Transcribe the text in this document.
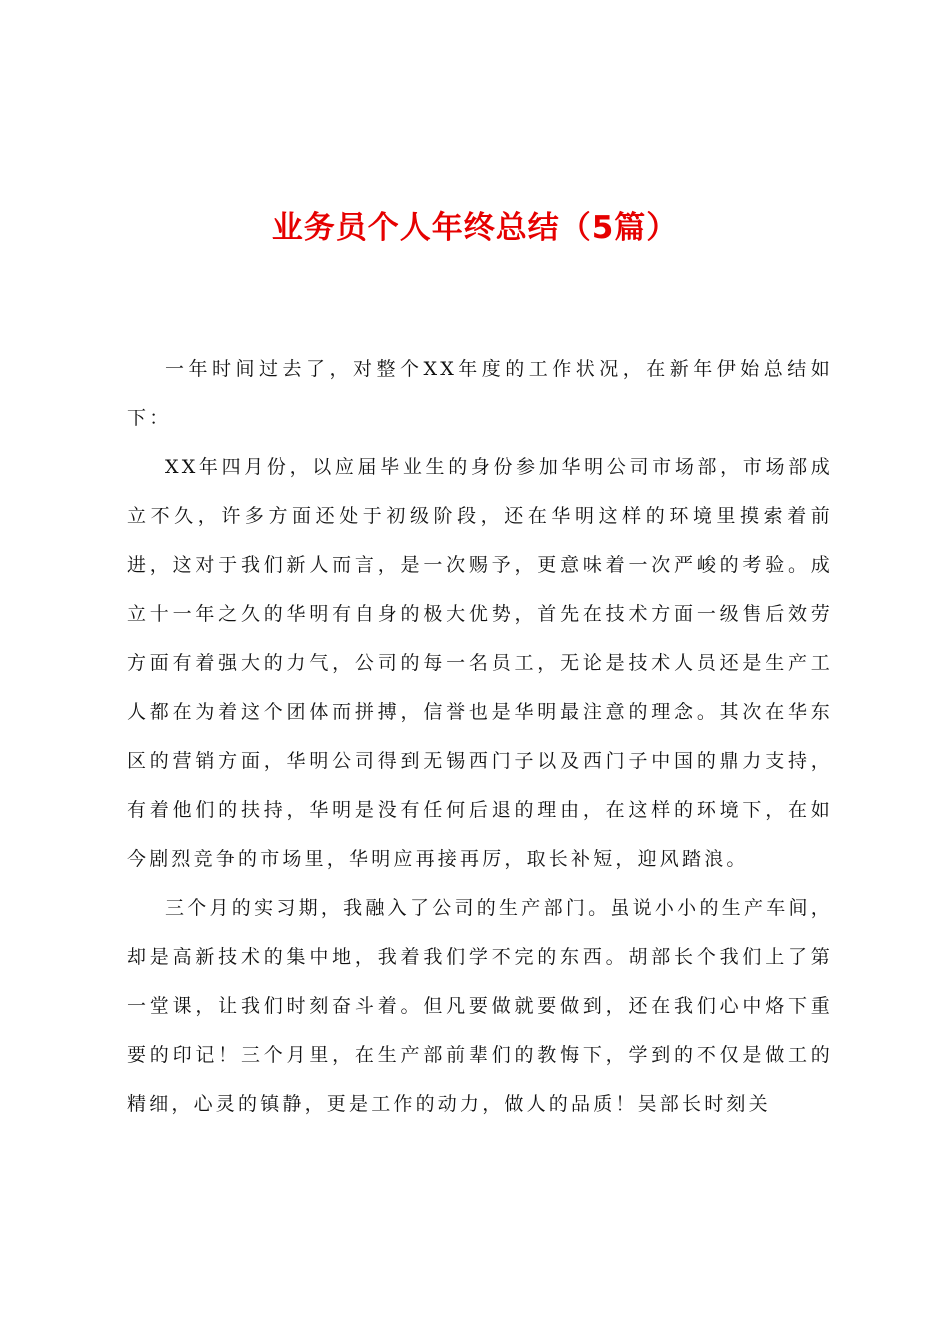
业务员个人年终总结（5篇）

一年时间过去了，对整个XX年度的工作状况，在新年伊始总结如下：

XX年四月份，以应届毕业生的身份参加华明公司市场部，市场部成立不久，许多方面还处于初级阶段，还在华明这样的环境里摸索着前进，这对于我们新人而言，是一次赐予，更意味着一次严峻的考验。成立十一年之久的华明有自身的极大优势，首先在技术方面一级售后效劳方面有着强大的力气，公司的每一名员工，无论是技术人员还是生产工人都在为着这个团体而拼搏，信誉也是华明最注意的理念。其次在华东区的营销方面，华明公司得到无锡西门子以及西门子中国的鼎力支持，有着他们的扶持，华明是没有任何后退的理由，在这样的环境下，在如今剧烈竞争的市场里，华明应再接再厉，取长补短，迎风踏浪。

三个月的实习期，我融入了公司的生产部门。虽说小小的生产车间，却是高新技术的集中地，我着我们学不完的东西。胡部长个我们上了第一堂课，让我们时刻奋斗着。但凡要做就要做到，还在我们心中烙下重要的印记！三个月里，在生产部前辈们的教悔下，学到的不仅是做工的精细，心灵的镇静，更是工作的动力，做人的品质！吴部长时刻关
